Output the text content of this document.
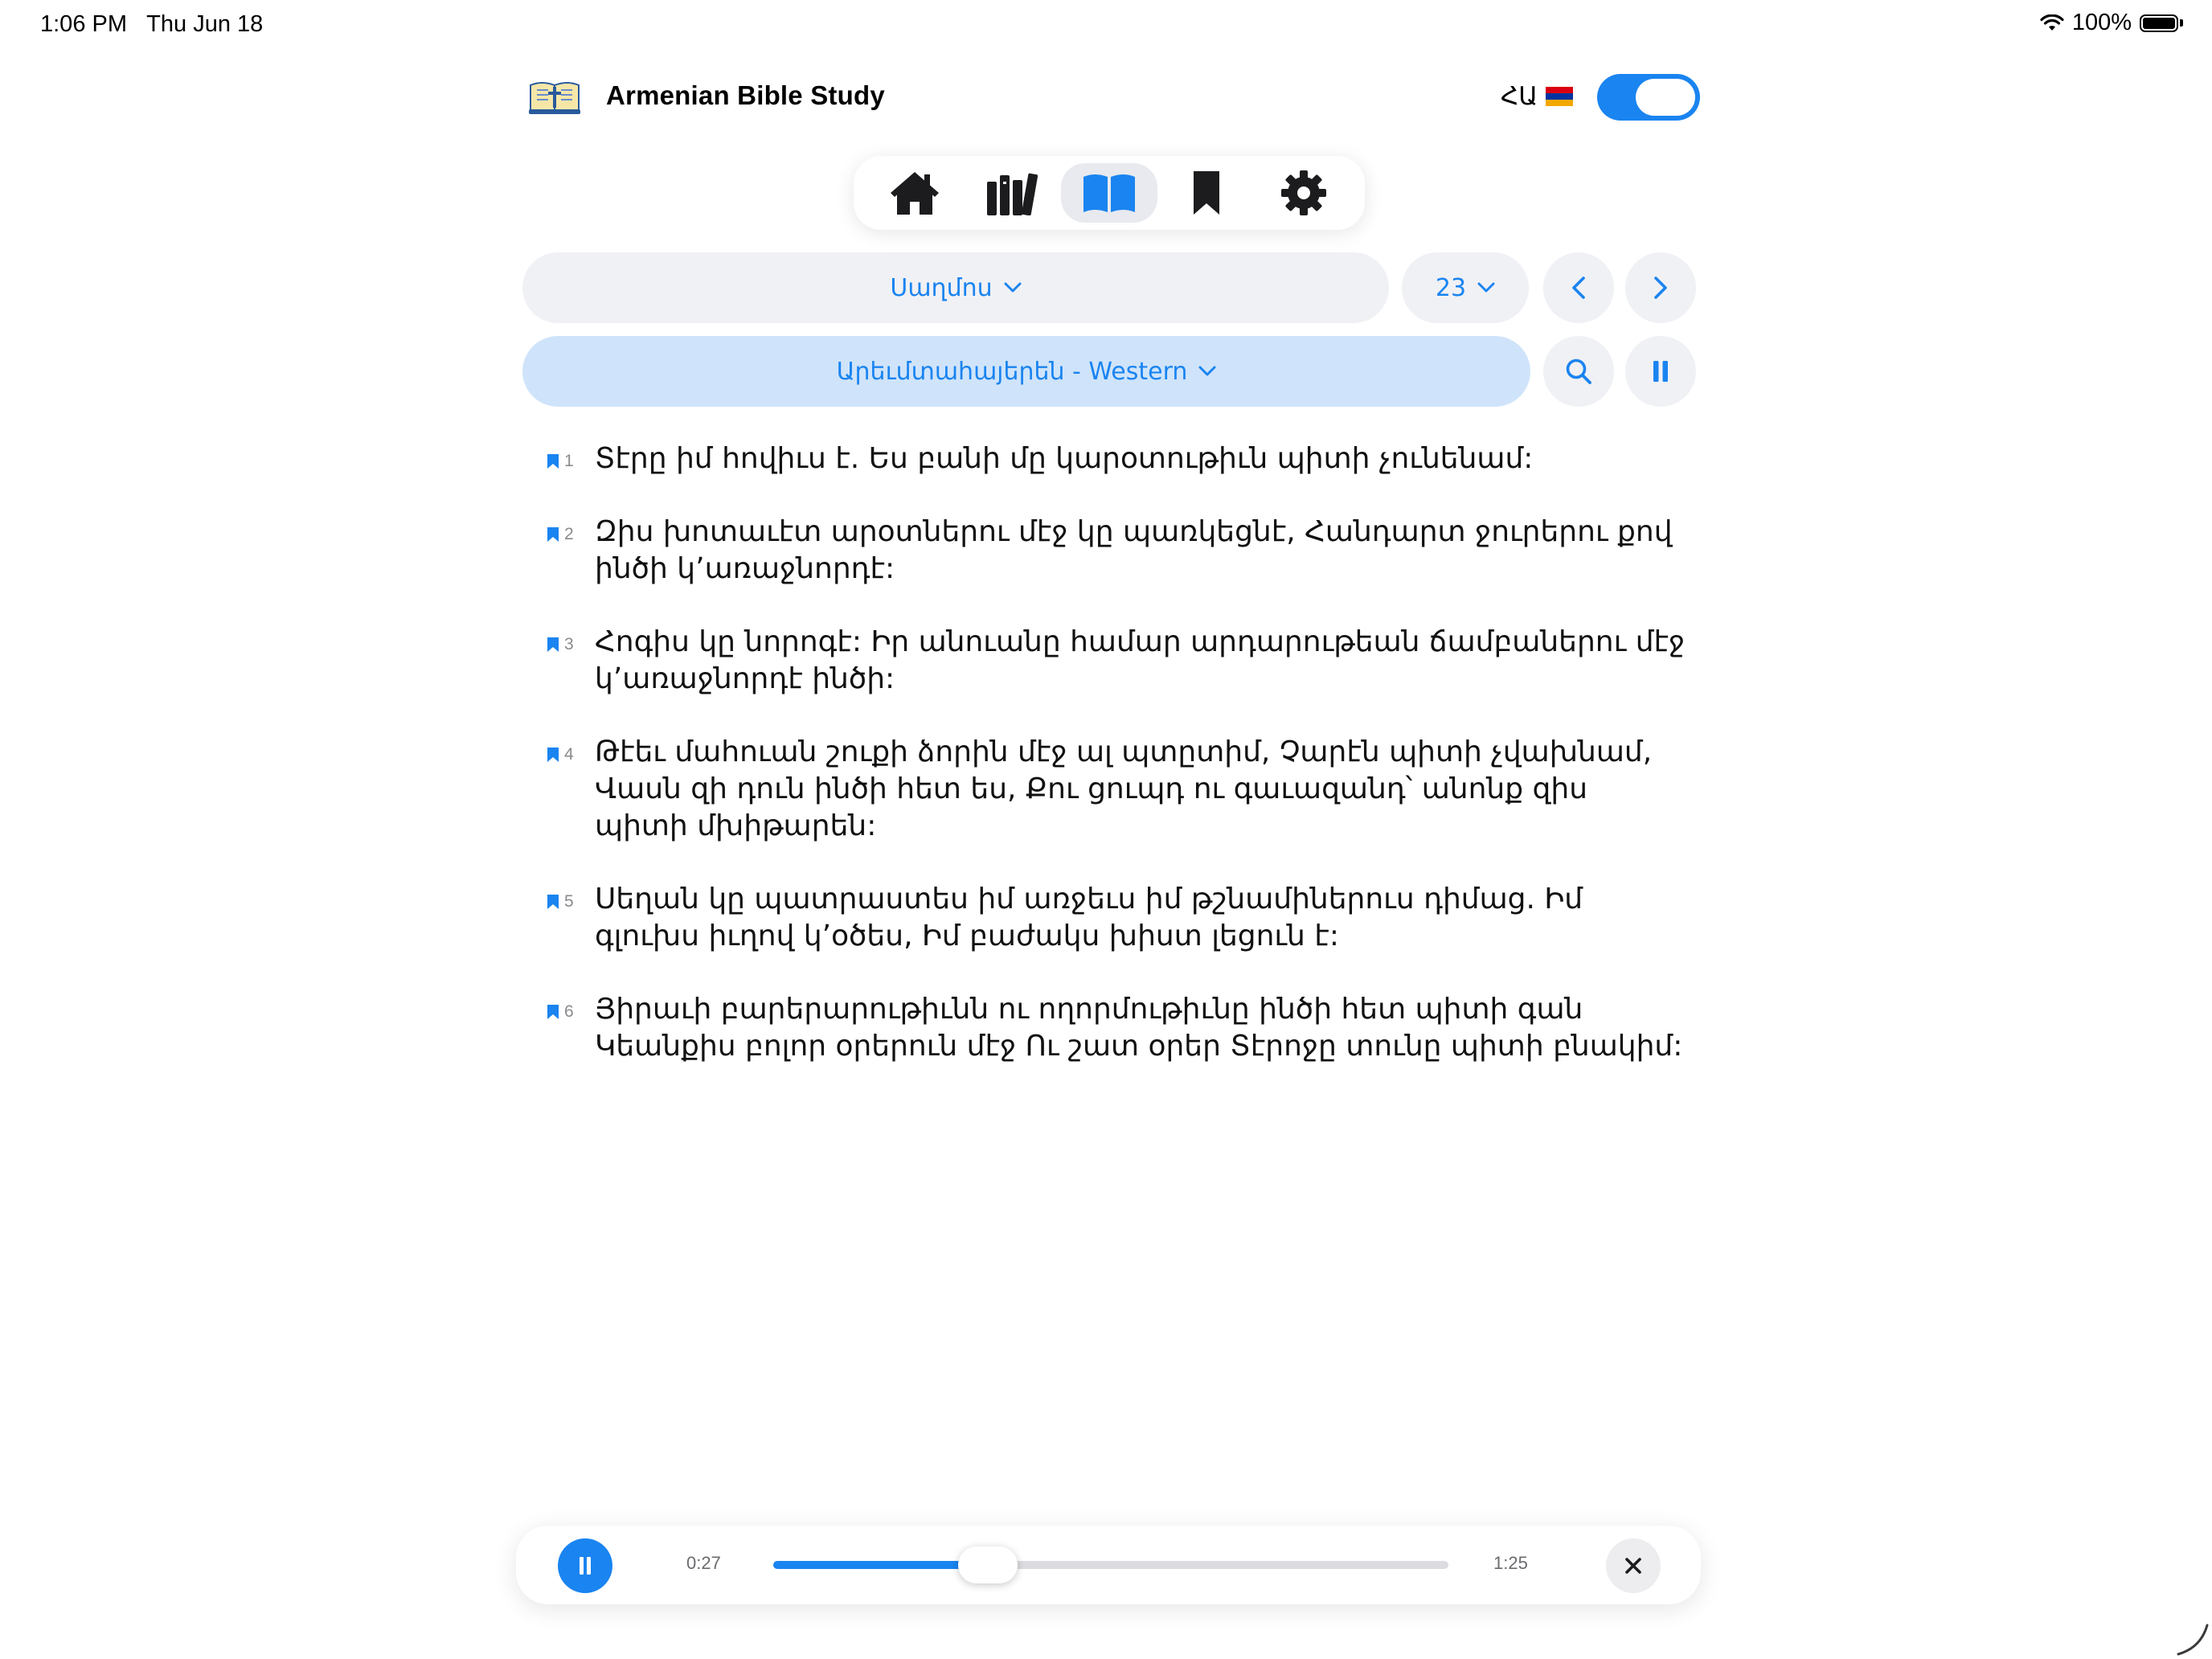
1:06 PM Thu Jun 18	100%
Armenian Bible Study	ՀԱ
Սաղմոս	23
Արեւմտահայերեն - Western
1 Տէրը իմ հովիւս է. Ես բանի մը կարօտութիւն պիտի չունենամ:
2 Զիս խոտաւէտ արօտներու մէջ կը պառկեցնէ, Հանդարտ ջուրերու քով ինծի կ’առաջնորդէ:
3 Հոգիս կը նորոգէ: Իր անուանը համար արդարութեան ճամբաներու մէջ կ’առաջնորդէ ինծի:
4 Թէեւ մահուան շուքի ձորին մէջ ալ պտըտիմ, Չարէն պիտի չվախնամ, Վասն զի դուն ինծի հետ ես, Քու ցուպդ ու գաւազանդ՝ անոնք զիս պիտի մխիթարեն:
5 Սեղան կը պատրաստես իմ առջեւս իմ թշնամիներուս դիմաց. Իմ գլուխս իւղով կ’օծես, Իմ բաժակս խիստ լեցուն է:
6 Յիրաւի բարերարութիւնն ու ողորմութիւնը ինծի հետ պիտի գան Կեանքիս բոլոր օրերուն մէջ Ու շատ օրեր Տէրոջը տունը պիտի բնակիմ:
0:27	1:25
